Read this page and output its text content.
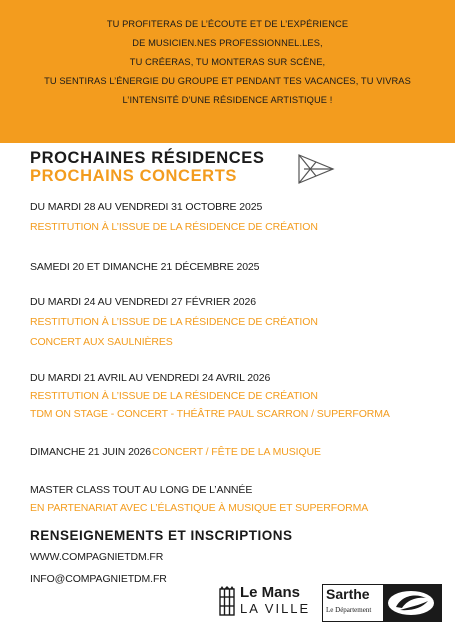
TU PROFITERAS DE L’ÉCOUTE ET DE L’EXPÉRIENCE
DE MUSICIEN.NES PROFESSIONNEL.LES,
TU CRÉERAS, TU MONTERAS SUR SCÈNE,
TU SENTIRAS L’ÉNERGIE DU GROUPE ET PENDANT TES VACANCES, TU VIVRAS
L’INTENSITÉ D’UNE RÉSIDENCE ARTISTIQUE !
PROCHAINES RÉSIDENCES
PROCHAINS CONCERTS
DU MARDI 28 AU VENDREDI 31 OCTOBRE 2025
RESTITUTION À L’ISSUE DE LA RÉSIDENCE DE CRÉATION
SAMEDI 20 ET DIMANCHE 21 DÉCEMBRE 2025
DU MARDI 24 AU VENDREDI 27 FÉVRIER 2026
RESTITUTION À L’ISSUE DE LA RÉSIDENCE DE CRÉATION
CONCERT AUX SAULNIÈRES
DU MARDI 21 AVRIL AU VENDREDI 24 AVRIL 2026
RESTITUTION À L’ISSUE DE LA RÉSIDENCE DE CRÉATION
TDM ON STAGE - CONCERT - THÉÂTRE PAUL SCARRON / SUPERFORMA
DIMANCHE 21 JUIN 2026 CONCERT / FÊTE DE LA MUSIQUE
MASTER CLASS TOUT AU LONG DE L’ANNÉE
EN PARTENARIAT AVEC L’ÉLASTIQUE À MUSIQUE ET SUPERFORMA
RENSEIGNEMENTS ET INSCRIPTIONS
WWW.COMPAGNIETDM.FR
INFO@COMPAGNIETDM.FR
Le Mans
LA VILLE
Sarthe
Le Département
